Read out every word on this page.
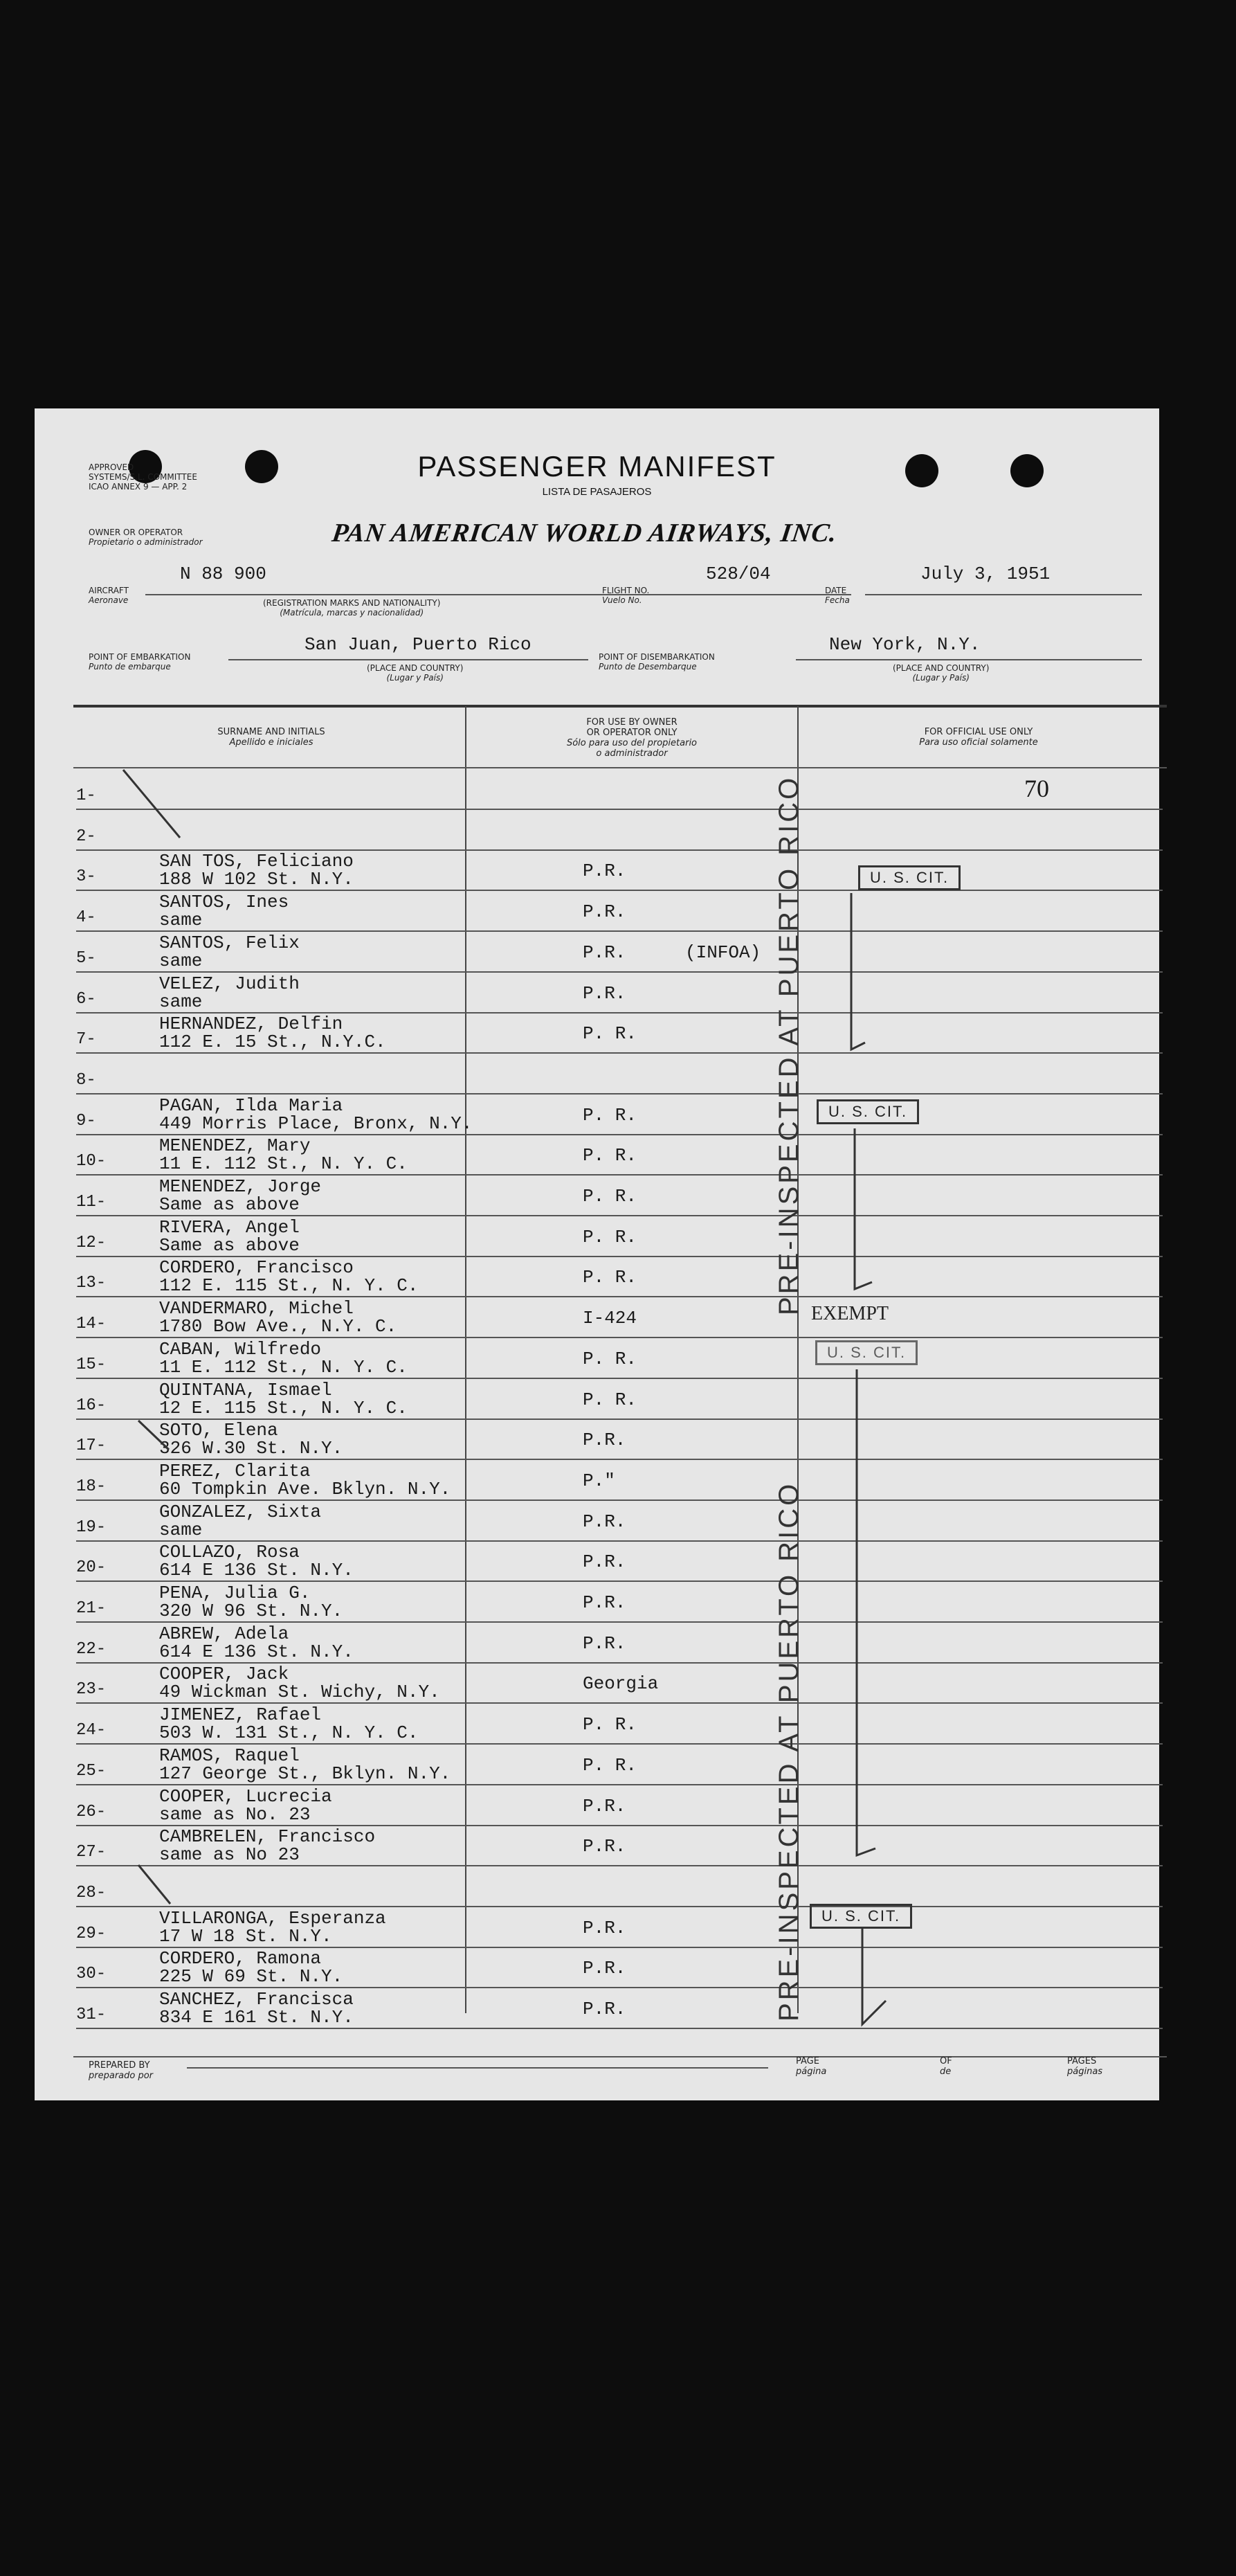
APPROVED
SYSTEMS/S.L. COMMITTEE
ICAO ANNEX 9 — APP. 2
PASSENGER MANIFEST
LISTA DE PASAJEROS
OWNER OR OPERATOR
Propietario o administrador	PAN AMERICAN WORLD AIRWAYS, INC.
AIRCRAFT
Aeronave
N 88 900
(REGISTRATION MARKS AND NATIONALITY)
(Matrícula, marcas y nacionalidad)
FLIGHT NO.
Vuelo No.
528/04
DATE
Fecha
July 3, 1951
POINT OF EMBARKATION
Punto de embarque
San Juan, Puerto Rico
(PLACE AND COUNTRY)
(Lugar y País)
POINT OF DISEMBARKATION
Punto de Desembarque
New York, N.Y.
(PLACE AND COUNTRY)
(Lugar y País)
SURNAME AND INITIALS
Apellido e iniciales
FOR USE BY OWNER
OR OPERATOR ONLY
Sólo para uso del propietario
o administrador
FOR OFFICIAL USE ONLY
Para uso oficial solamente
1-	70
2-
3-
SAN TOS, Feliciano
188 W 102 St. N.Y.	P.R.
4-
SANTOS, Ines
same	P.R.
5-
SANTOS, Felix
same	P.R.	(INFOA)
6-
VELEZ, Judith
same	P.R.
7-
HERNANDEZ, Delfin
112 E. 15 St., N.Y.C.	P. R.
8-
9-
PAGAN, Ilda Maria
449 Morris Place, Bronx, N.Y.	P. R.
10-
MENENDEZ, Mary
11 E. 112 St., N. Y. C.	P. R.
11-
MENENDEZ, Jorge
Same as above	P. R.
12-
RIVERA, Angel
Same as above	P. R.
13-
CORDERO, Francisco
112 E. 115 St., N. Y. C.	P. R.
14-
VANDERMARO, Michel
1780 Bow Ave., N.Y. C.	I-424
15-
CABAN, Wilfredo
11 E. 112 St., N. Y. C.	P. R.
16-
QUINTANA, Ismael
12 E. 115 St., N. Y. C.	P. R.
17-
SOTO, Elena
326 W.30 St. N.Y.	P.R.
18-
PEREZ, Clarita
60 Tompkin Ave. Bklyn. N.Y.	P."
19-
GONZALEZ, Sixta
same	P.R.
20-
COLLAZO, Rosa
614 E 136 St. N.Y.	P.R.
21-
PENA, Julia G.
320 W 96 St. N.Y.	P.R.
22-
ABREW, Adela
614 E 136 St. N.Y.	P.R.
23-
COOPER, Jack
49 Wickman St. Wichy, N.Y.	Georgia
24-
JIMENEZ, Rafael
503 W. 131 St., N. Y. C.	P. R.
25-
RAMOS, Raquel
127 George St., Bklyn. N.Y.	P. R.
26-
COOPER, Lucrecia
same as No. 23	P.R.
27-
CAMBRELEN, Francisco
same as No 23	P.R.
28-
29-
VILLARONGA, Esperanza
17 W 18 St. N.Y.	P.R.
30-
CORDERO, Ramona
225 W 69 St. N.Y.	P.R.
31-
SANCHEZ, Francisca
834 E 161 St. N.Y.	P.R.
U. S. CIT.
U. S. CIT.
U. S. CIT.
U. S. CIT.
EXEMPT
PRE-INSPECTED AT PUERTO RICO
PRE-INSPECTED AT PUERTO RICO
PREPARED BY
preparado por
PAGE
página
OF
de
PAGES
páginas
